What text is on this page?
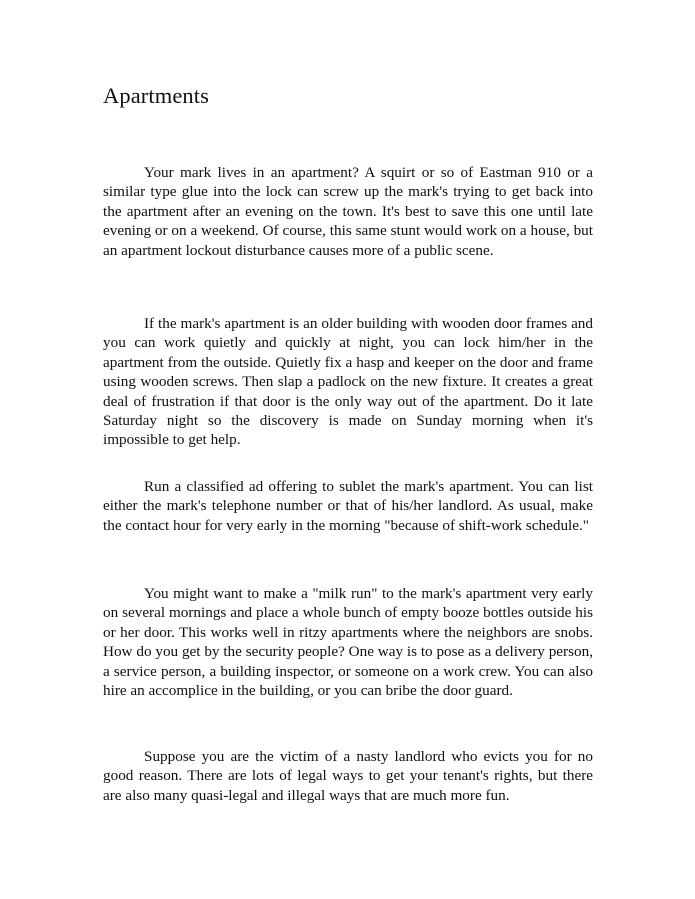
Apartments

Your mark lives in an apartment? A squirt or so of Eastman 910 or a similar type glue into the lock can screw up the mark's trying to get back into the apartment after an evening on the town. It's best to save this one until late evening or on a weekend. Of course, this same stunt would work on a house, but an apartment lockout disturbance causes more of a public scene.

If the mark's apartment is an older building with wooden door frames and you can work quietly and quickly at night, you can lock him/her in the apartment from the outside. Quietly fix a hasp and keeper on the door and frame using wooden screws. Then slap a padlock on the new fixture. It creates a great deal of frustration if that door is the only way out of the apartment. Do it late Saturday night so the discovery is made on Sunday morning when it's impossible to get help.

Run a classified ad offering to sublet the mark's apartment. You can list either the mark's telephone number or that of his/her landlord. As usual, make the contact hour for very early in the morning "because of shift-work schedule."

You might want to make a "milk run" to the mark's apartment very early on several mornings and place a whole bunch of empty booze bottles outside his or her door. This works well in ritzy apartments where the neighbors are snobs. How do you get by the security people? One way is to pose as a delivery person, a service person, a building inspector, or someone on a work crew. You can also hire an accomplice in the building, or you can bribe the door guard.

Suppose you are the victim of a nasty landlord who evicts you for no good reason. There are lots of legal ways to get your tenant's rights, but there are also many quasi-legal and illegal ways that are much more fun.
